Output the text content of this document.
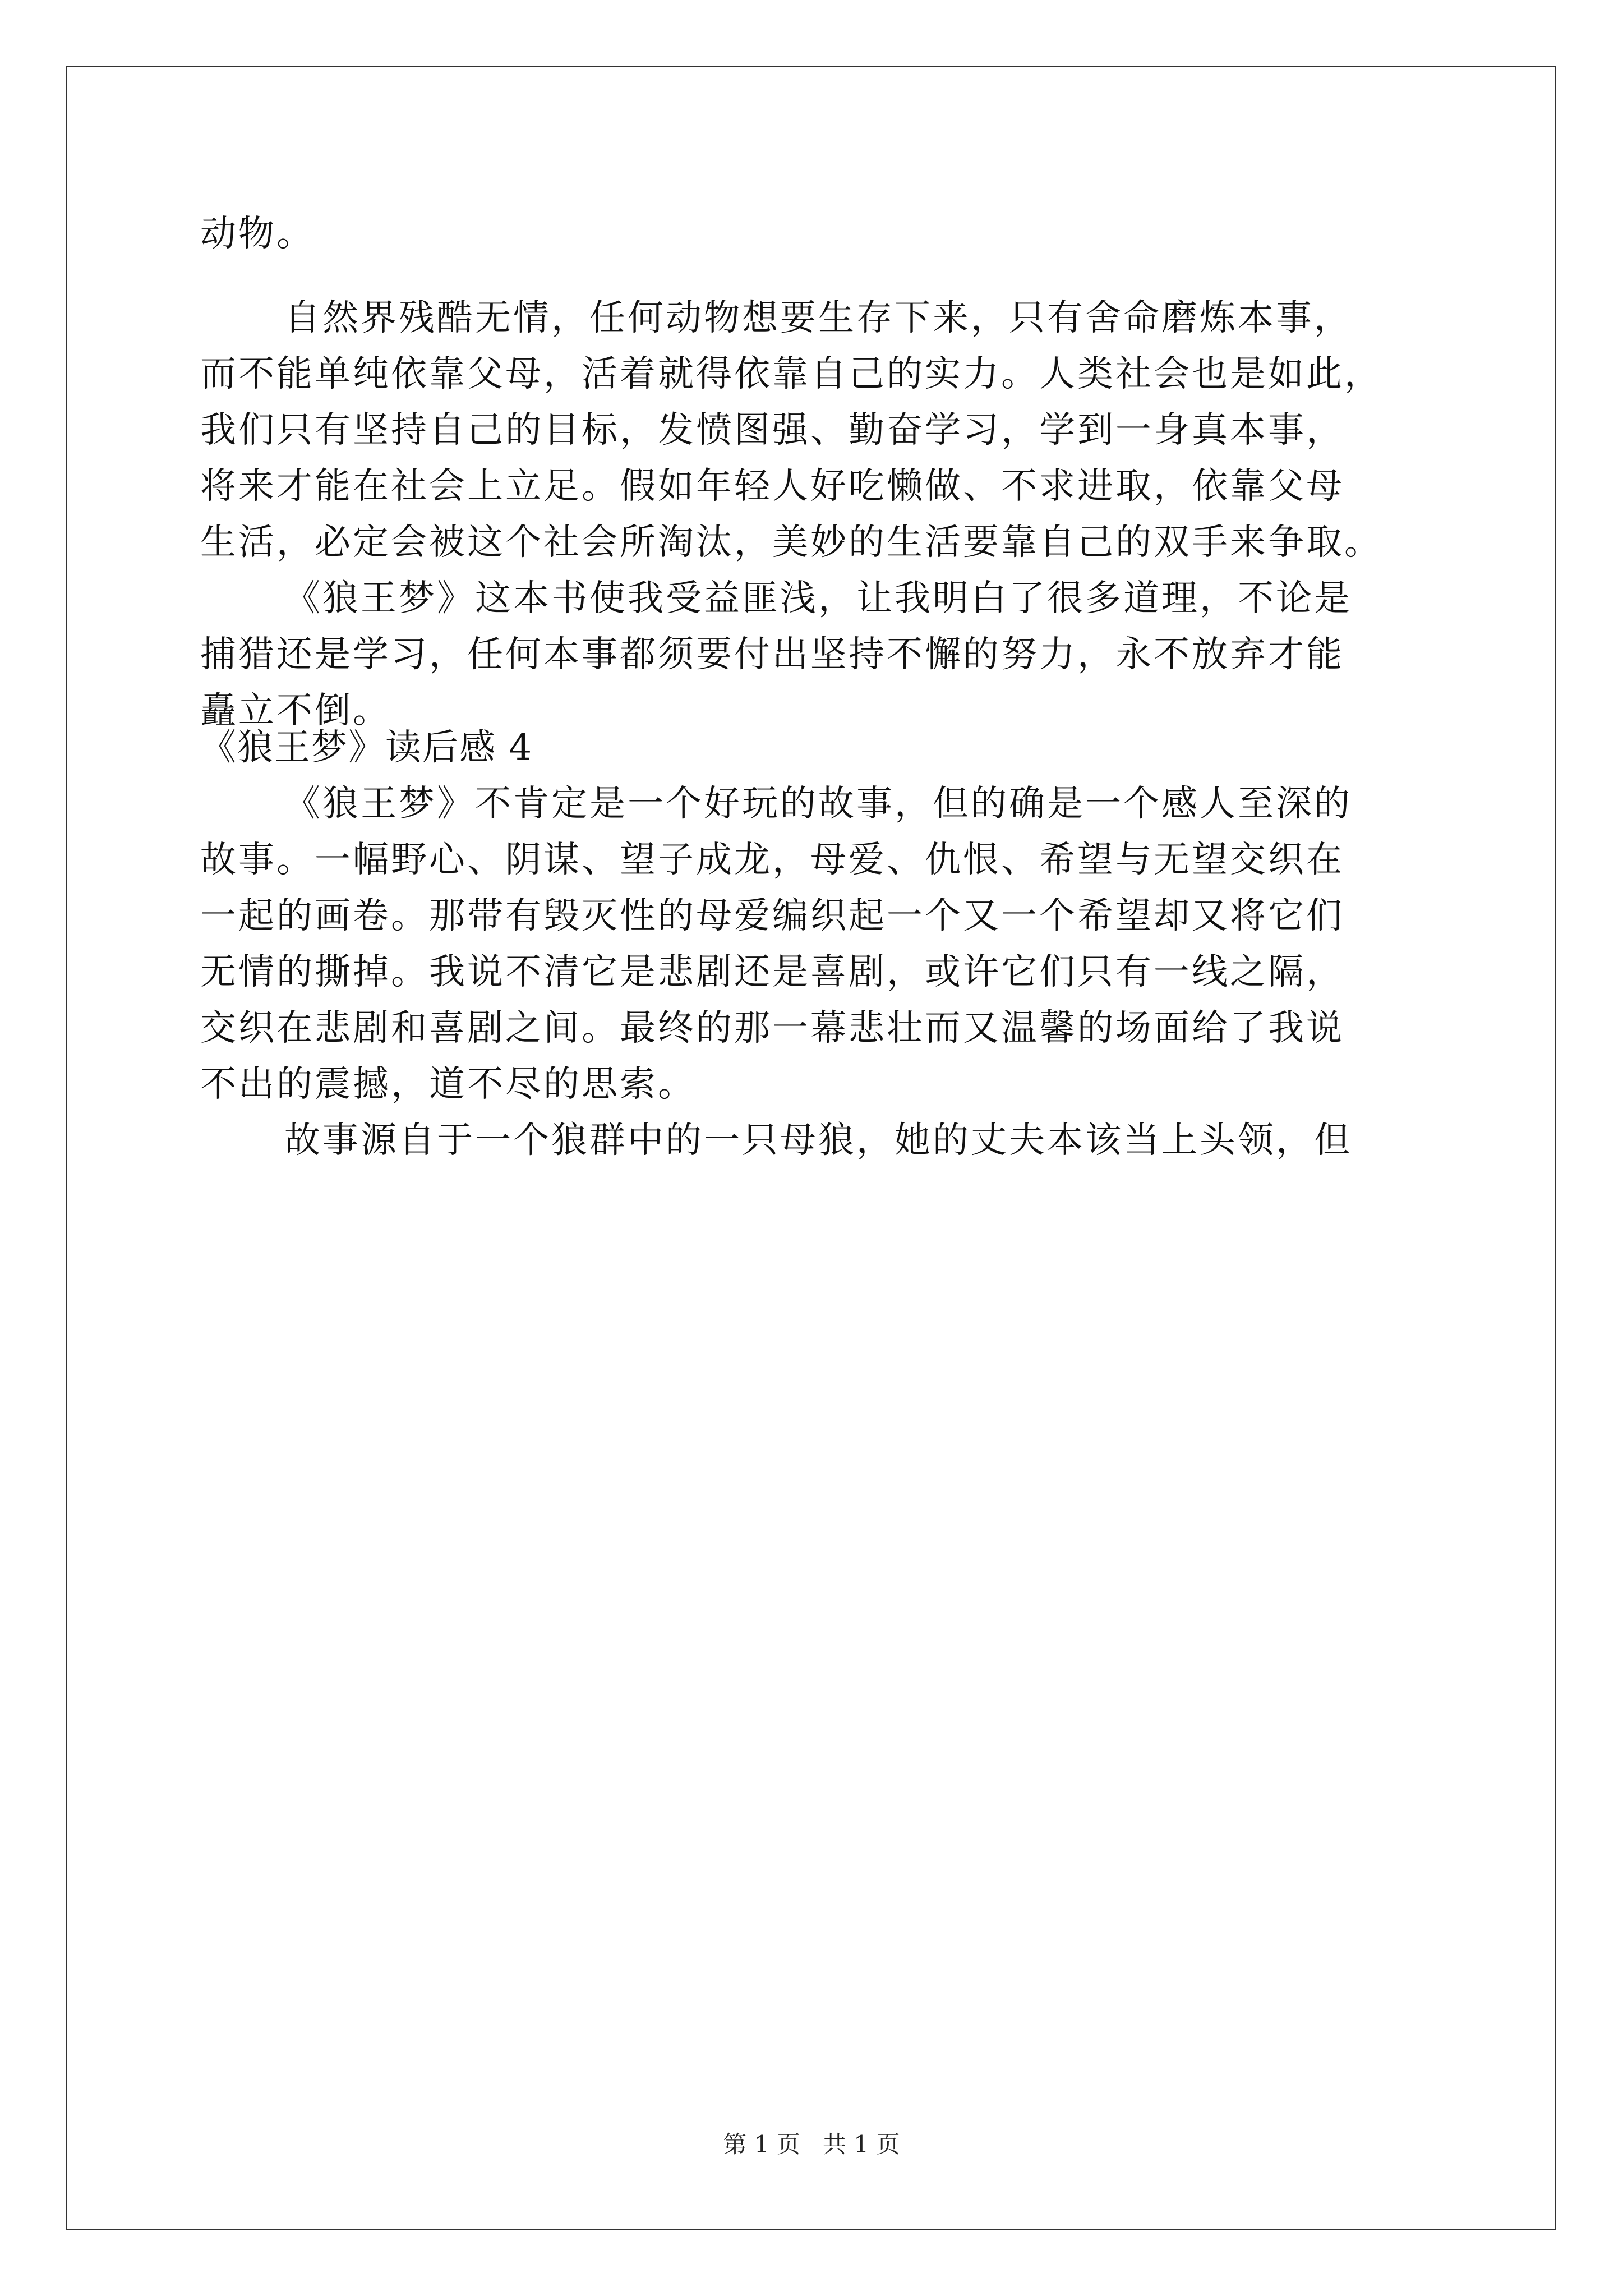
动物。
自然界残酷无情，任何动物想要生存下来，只有舍命磨炼本事，
而不能单纯依靠父母，活着就得依靠自己的实力。人类社会也是如此，
我们只有坚持自己的目标，发愤图强、勤奋学习，学到一身真本事，
将来才能在社会上立足。假如年轻人好吃懒做、不求进取，依靠父母
生活，必定会被这个社会所淘汰，美妙的生活要靠自己的双手来争取。
《狼王梦》这本书使我受益匪浅，让我明白了很多道理，不论是
捕猎还是学习，任何本事都须要付出坚持不懈的努力，永不放弃才能
矗立不倒。
《狼王梦》读后感 4
《狼王梦》不肯定是一个好玩的故事，但的确是一个感人至深的
故事。一幅野心、阴谋、望子成龙，母爱、仇恨、希望与无望交织在
一起的画卷。那带有毁灭性的母爱编织起一个又一个希望却又将它们
无情的撕掉。我说不清它是悲剧还是喜剧，或许它们只有一线之隔，
交织在悲剧和喜剧之间。最终的那一幕悲壮而又温馨的场面给了我说
不出的震撼，道不尽的思索。
故事源自于一个狼群中的一只母狼，她的丈夫本该当上头领，但
第 1 页   共 1 页
